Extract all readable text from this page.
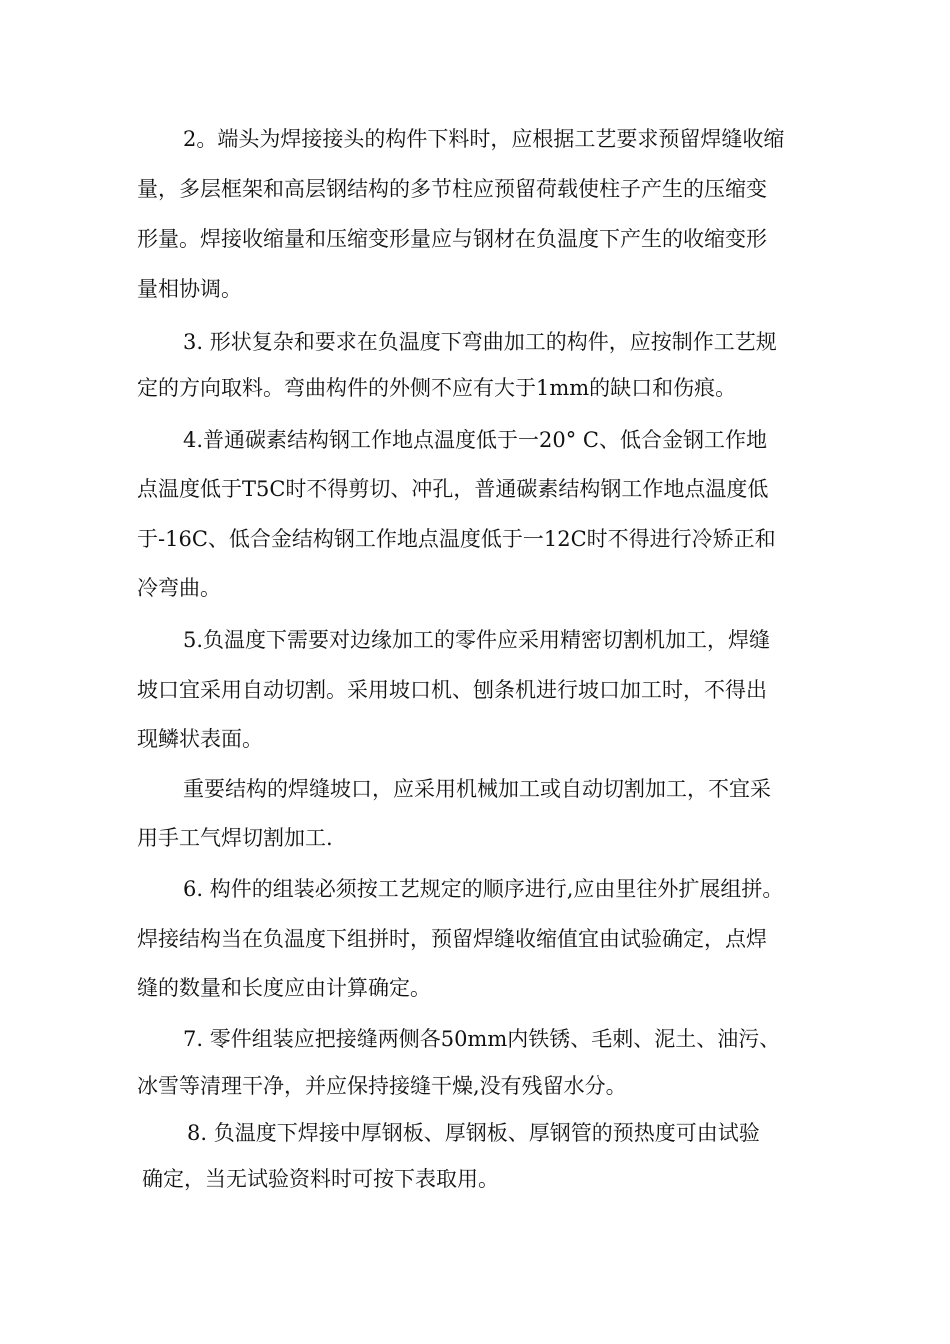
2。端头为焊接接头的构件下料时，应根据工艺要求预留焊缝收缩
量，多层框架和高层钢结构的多节柱应预留荷载使柱子产生的压缩变
形量。焊接收缩量和压缩变形量应与钢材在负温度下产生的收缩变形
量相协调。
3. 形状复杂和要求在负温度下弯曲加工的构件，应按制作工艺规
定的方向取料。弯曲构件的外侧不应有大于1mm的缺口和伤痕。
4.普通碳素结构钢工作地点温度低于一20° C、低合金钢工作地
点温度低于T5C时不得剪切、冲孔，普通碳素结构钢工作地点温度低
于-16C、低合金结构钢工作地点温度低于一12C时不得进行冷矫正和
冷弯曲。
5.负温度下需要对边缘加工的零件应采用精密切割机加工，焊缝
坡口宜采用自动切割。采用坡口机、刨条机进行坡口加工时，不得出
现鳞状表面。
重要结构的焊缝坡口，应采用机械加工或自动切割加工，不宜采
用手工气焊切割加工.
6. 构件的组装必须按工艺规定的顺序进行,应由里往外扩展组拼。
焊接结构当在负温度下组拼时，预留焊缝收缩值宜由试验确定，点焊
缝的数量和长度应由计算确定。
7. 零件组装应把接缝两侧各50mm内铁锈、毛刺、泥土、油污、
冰雪等清理干净，并应保持接缝干燥,没有残留水分。
8. 负温度下焊接中厚钢板、厚钢板、厚钢管的预热度可由试验
确定，当无试验资料时可按下表取用。
